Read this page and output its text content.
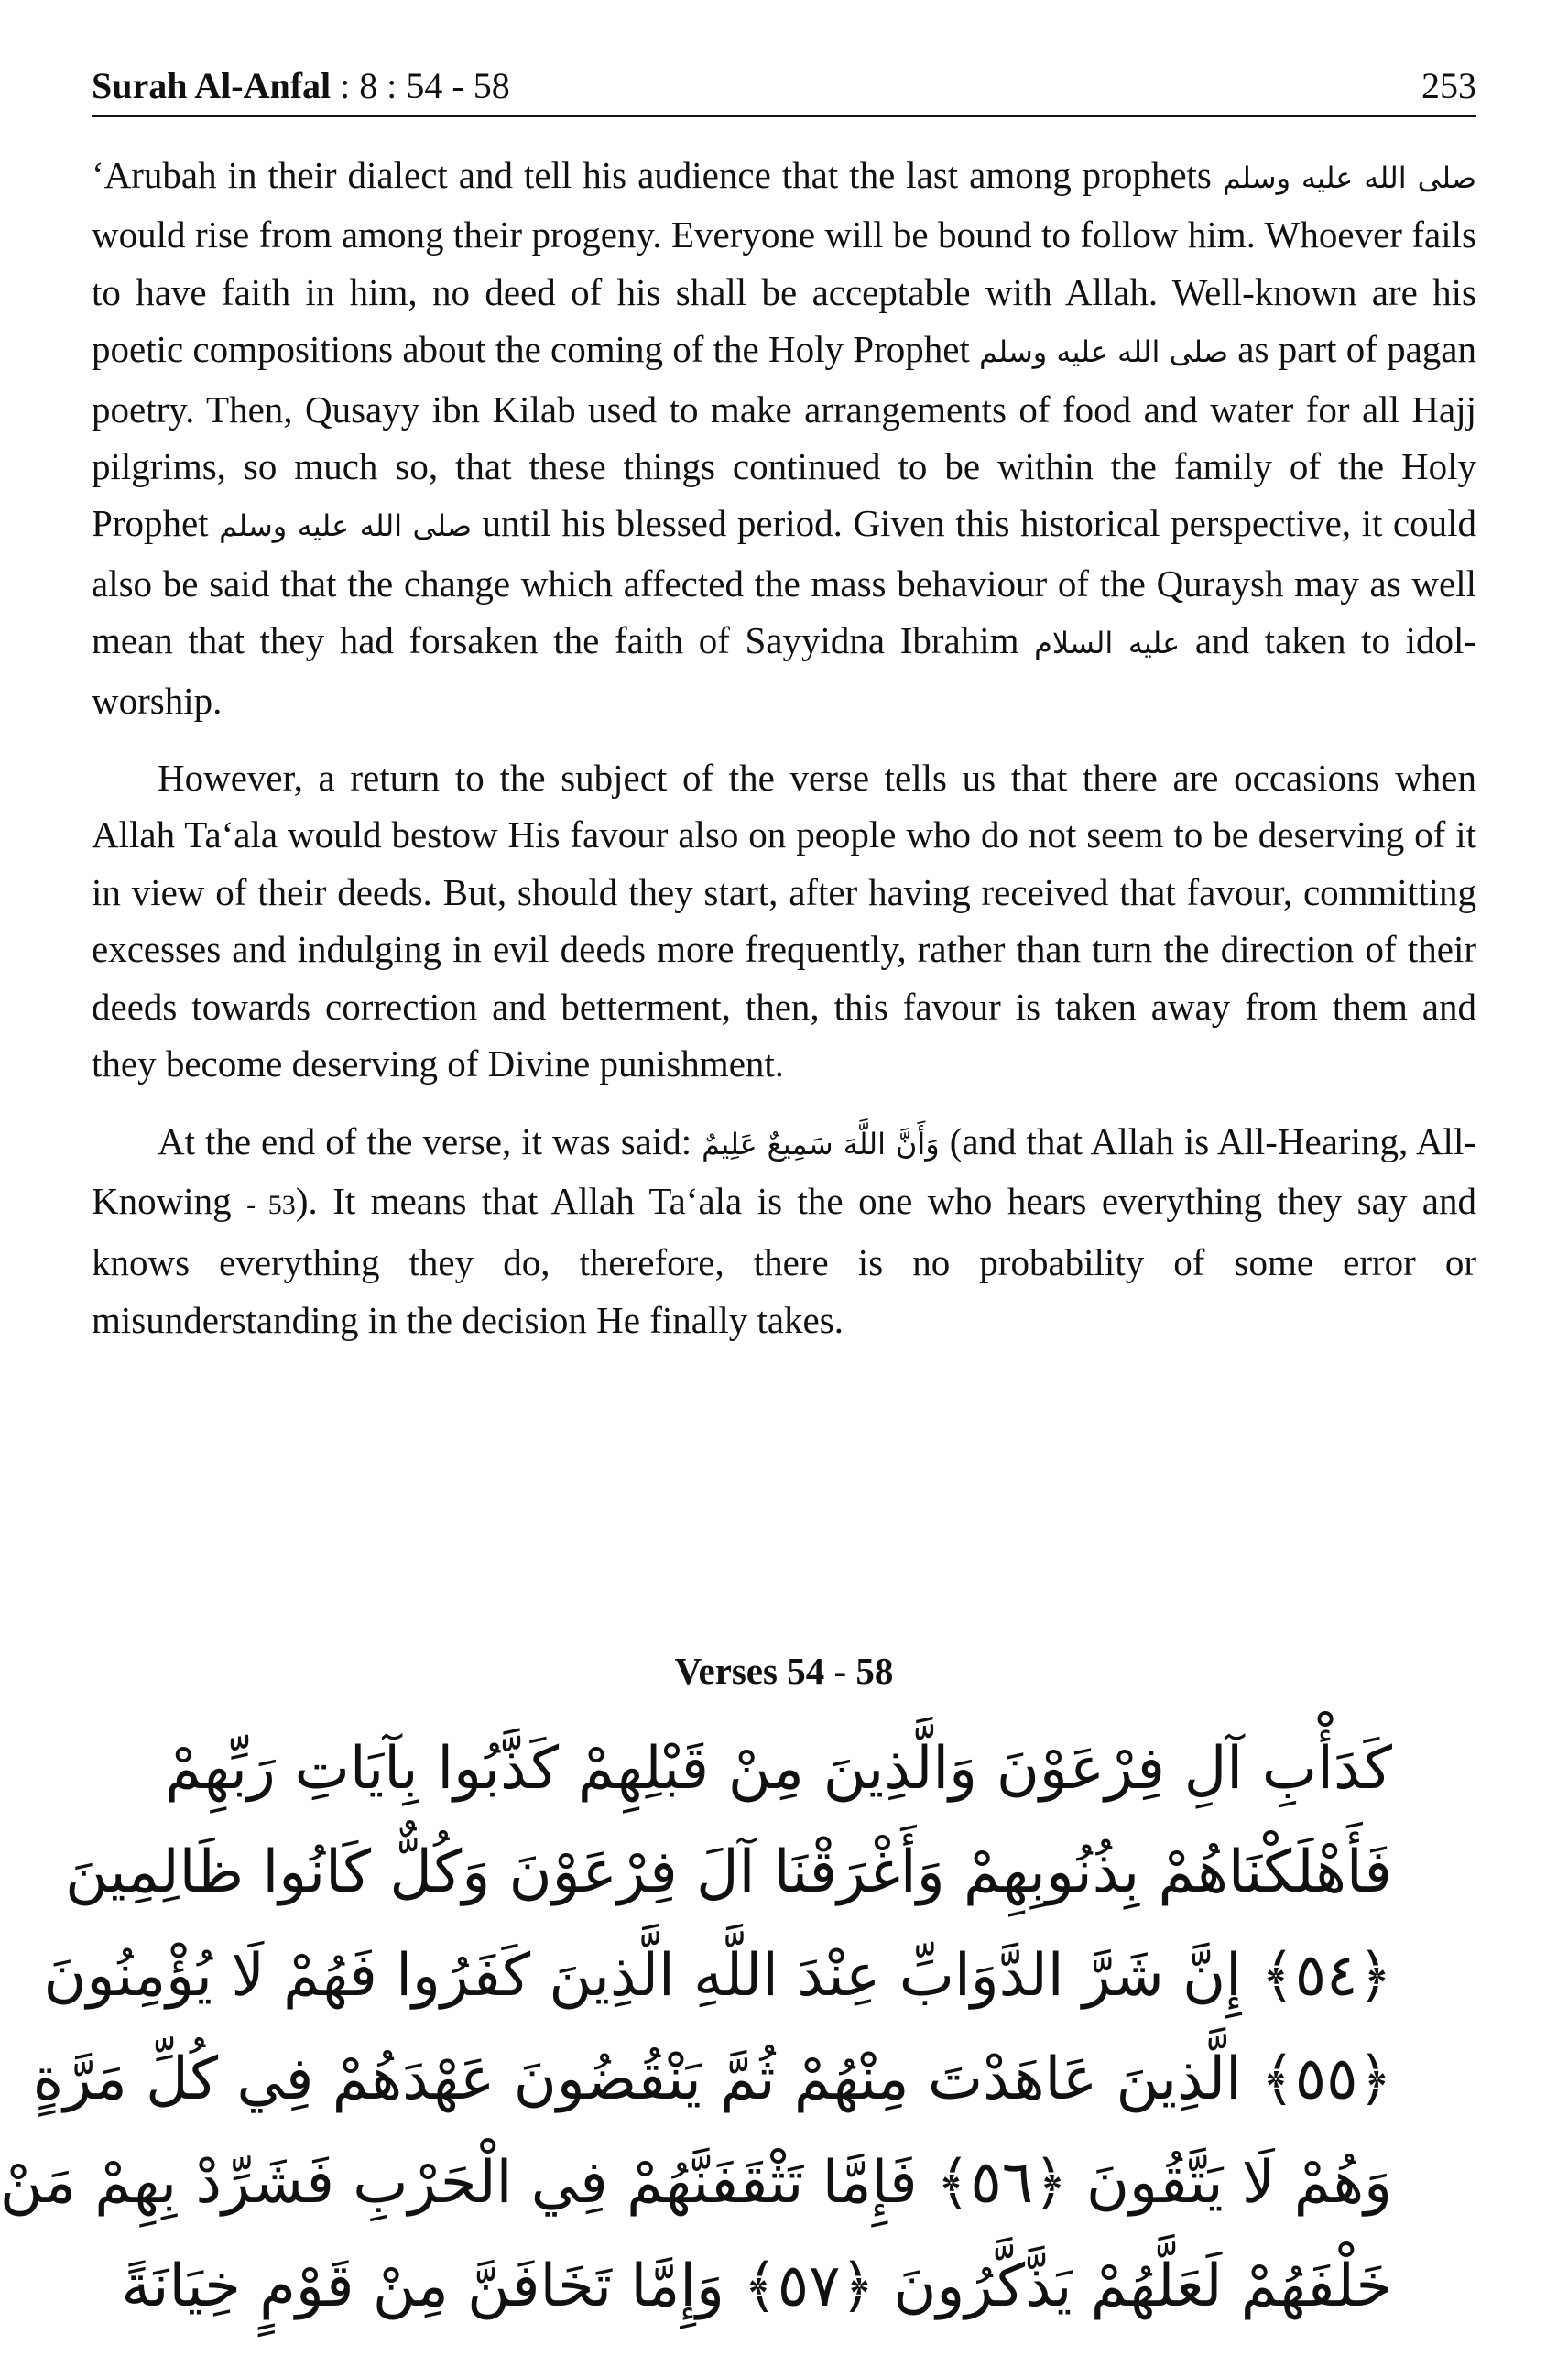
Surah Al-Anfal : 8 : 54 - 58	253

‘Arubah in their dialect and tell his audience that the last among prophets صلى الله عليه وسلم would rise from among their progeny. Everyone will be bound to follow him. Whoever fails to have faith in him, no deed of his shall be acceptable with Allah. Well-known are his poetic compositions about the coming of the Holy Prophet صلى الله عليه وسلم as part of pagan poetry. Then, Qusayy ibn Kilab used to make arrangements of food and water for all Hajj pilgrims, so much so, that these things continued to be within the family of the Holy Prophet صلى الله عليه وسلم until his blessed period. Given this historical perspective, it could also be said that the change which affected the mass behaviour of the Quraysh may as well mean that they had forsaken the faith of Sayyidna Ibrahim عليه السلام and taken to idol-worship.

However, a return to the subject of the verse tells us that there are occasions when Allah Ta‘ala would bestow His favour also on people who do not seem to be deserving of it in view of their deeds. But, should they start, after having received that favour, committing excesses and indulging in evil deeds more frequently, rather than turn the direction of their deeds towards correction and betterment, then, this favour is taken away from them and they become deserving of Divine punishment.

At the end of the verse, it was said: وَأَنَّ اللَّهَ سَمِيعٌ عَلِيمٌ (and that Allah is All-Hearing, All-Knowing - 53). It means that Allah Ta‘ala is the one who hears everything they say and knows everything they do, therefore, there is no probability of some error or misunderstanding in the decision He finally takes.

Verses 54 - 58
كَدَأْبِ آلِ فِرْعَوْنَ وَالَّذِينَ مِنْ قَبْلِهِمْ كَذَّبُوا بِآيَاتِ رَبِّهِمْ
فَأَهْلَكْنَاهُمْ بِذُنُوبِهِمْ وَأَغْرَقْنَا آلَ فِرْعَوْنَ وَكُلٌّ كَانُوا ظَالِمِينَ
﴿٥٤﴾ إِنَّ شَرَّ الدَّوَابِّ عِنْدَ اللَّهِ الَّذِينَ كَفَرُوا فَهُمْ لَا يُؤْمِنُونَ
﴿٥٥﴾ الَّذِينَ عَاهَدْتَ مِنْهُمْ ثُمَّ يَنْقُضُونَ عَهْدَهُمْ فِي كُلِّ مَرَّةٍ
وَهُمْ لَا يَتَّقُونَ ﴿٥٦﴾ فَإِمَّا تَثْقَفَنَّهُمْ فِي الْحَرْبِ فَشَرِّدْ بِهِمْ مَنْ
خَلْفَهُمْ لَعَلَّهُمْ يَذَّكَّرُونَ ﴿٥٧﴾ وَإِمَّا تَخَافَنَّ مِنْ قَوْمٍ خِيَانَةً
